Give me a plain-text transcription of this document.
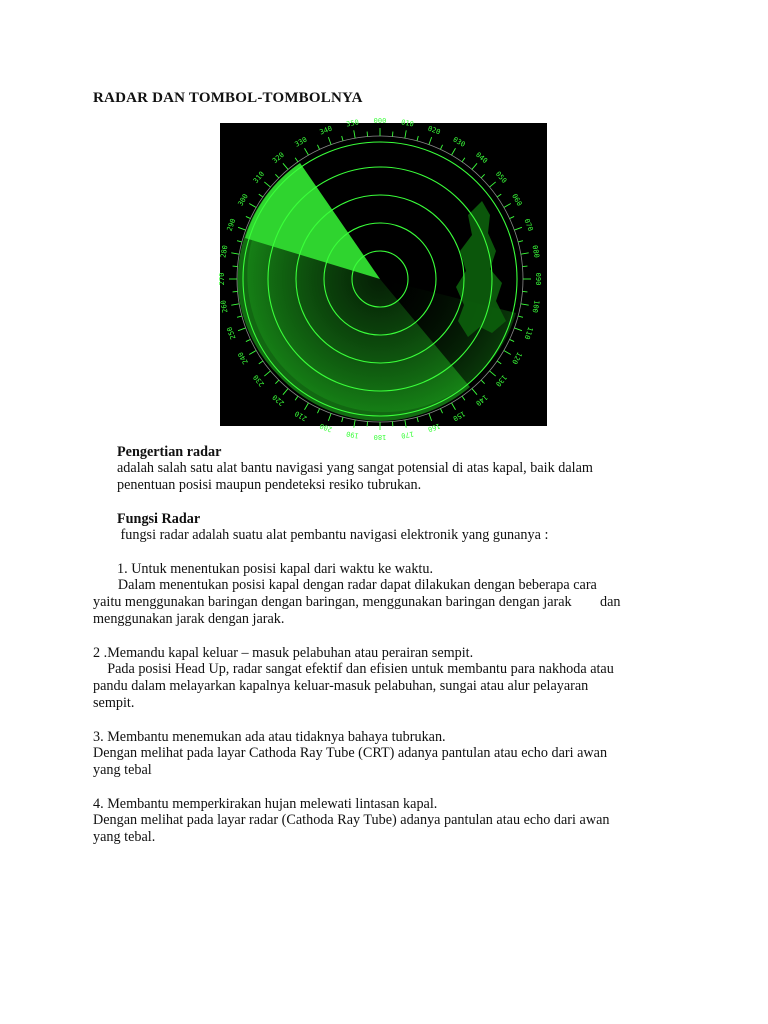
RADAR DAN TOMBOL-TOMBOLNYA
000 010
020
030
040
050
060
070
080
090
100
110
120
130
140
150
160
170
180
190
200
210
220
230
240
250
260
270
280
290
300
310
320
330
340
350
Pengertian radar
adalah salah satu alat bantu navigasi yang sangat potensial di atas kapal, baik dalam
penentuan posisi maupun pendeteksi resiko tubrukan.
Fungsi Radar
fungsi radar adalah suatu alat pembantu navigasi elektronik yang gunanya :
1. Untuk menentukan posisi kapal dari waktu ke waktu.
Dalam menentukan posisi kapal dengan radar dapat dilakukan dengan beberapa cara
yaitu menggunakan baringan dengan baringan, menggunakan baringan dengan jarak        dan
menggunakan jarak dengan jarak.
2 .Memandu kapal keluar – masuk pelabuhan atau perairan sempit.
Pada posisi Head Up, radar sangat efektif dan efisien untuk membantu para nakhoda atau
pandu dalam melayarkan kapalnya keluar-masuk pelabuhan, sungai atau alur pelayaran
sempit.
3. Membantu menemukan ada atau tidaknya bahaya tubrukan.
Dengan melihat pada layar Cathoda Ray Tube (CRT) adanya pantulan atau echo dari awan
yang tebal
4. Membantu memperkirakan hujan melewati lintasan kapal.
Dengan melihat pada layar radar (Cathoda Ray Tube) adanya pantulan atau echo dari awan
yang tebal.
